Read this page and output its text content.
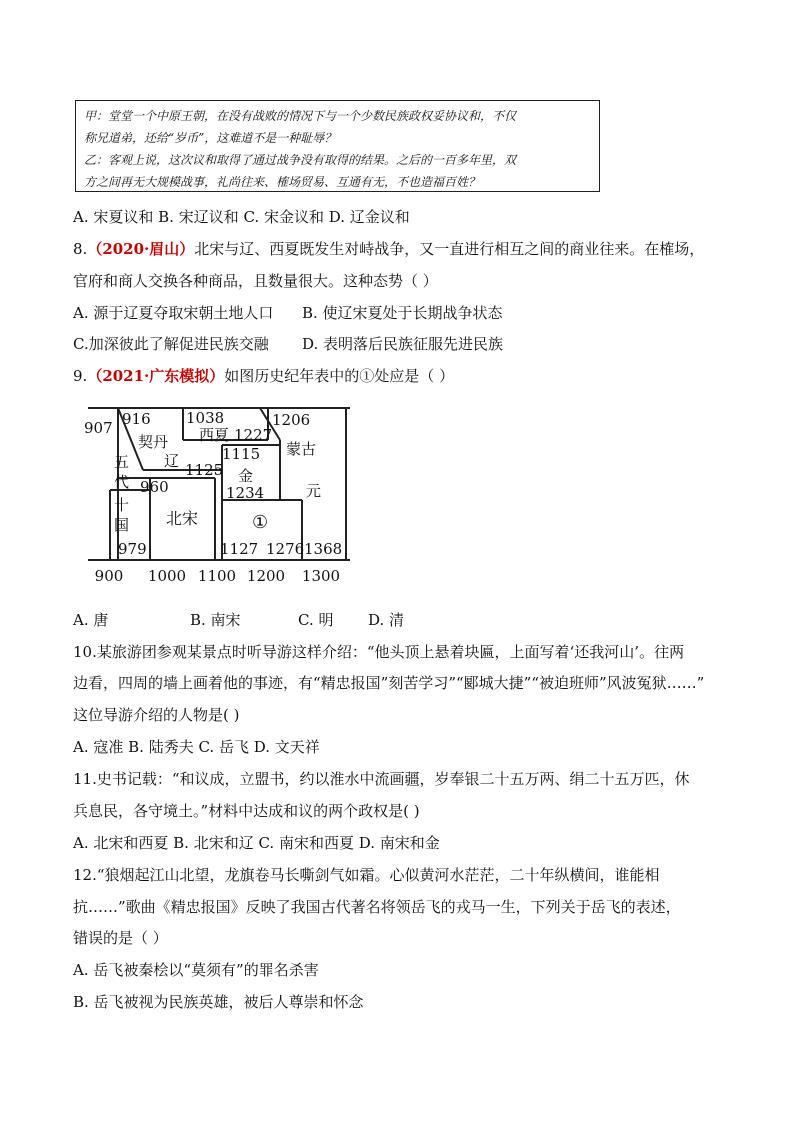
甲：堂堂一个中原王朝，在没有战败的情况下与一个少数民族政权妥协议和，不仅
称兄道弟，还给“岁币”，这难道不是一种耻辱？
乙：客观上说，这次议和取得了通过战争没有取得的结果。之后的一百多年里，双
方之间再无大规模战事，礼尚往来、榷场贸易、互通有无，不也造福百姓？
A. 宋夏议和 B. 宋辽议和 C. 宋金议和 D. 辽金议和
8.（2020·眉山）北宋与辽、西夏既发生对峙战争，又一直进行相互之间的商业往来。在榷场，
官府和商人交换各种商品，且数量很大。这种态势（ ）
A. 源于辽夏夺取宋朝土地人口 B. 使辽宋夏处于长期战争状态
C.加深彼此了解促进民族交融 D. 表明落后民族征服先进民族
9.（2021·广东模拟）如图历史纪年表中的①处应是（ ）
907 916
契丹
辽
五
代 960
十
国
979
北宋
1038
西夏 1227
1206
蒙古
元
1115
金
1125
1234
①
1127 1276 1368
900 1000 1100 1200 1300
A. 唐	B. 南宋	C. 明 D. 清
10.某旅游团参观某景点时听导游这样介绍：“他头顶上悬着块匾，上面写着‘还我河山’。往两
边看，四周的墙上画着他的事迹，有“精忠报国”刻苦学习”“郾城大捷”“被迫班师”风波冤狱……”
这位导游介绍的人物是( )
A. 寇准 B. 陆秀夫 C. 岳飞 D. 文天祥
11.史书记载：“和议成，立盟书，约以淮水中流画疆，岁奉银二十五万两、绢二十五万匹，休
兵息民，各守境土。”材料中达成和议的两个政权是( )
A. 北宋和西夏 B. 北宋和辽 C. 南宋和西夏 D. 南宋和金
12.“狼烟起江山北望，龙旗卷马长嘶剑气如霜。心似黄河水茫茫，二十年纵横间，谁能相
抗……”歌曲《精忠报国》反映了我国古代著名将领岳飞的戎马一生，下列关于岳飞的表述，
错误的是（ ）
A. 岳飞被秦桧以“莫须有”的罪名杀害
B. 岳飞被视为民族英雄，被后人尊崇和怀念
